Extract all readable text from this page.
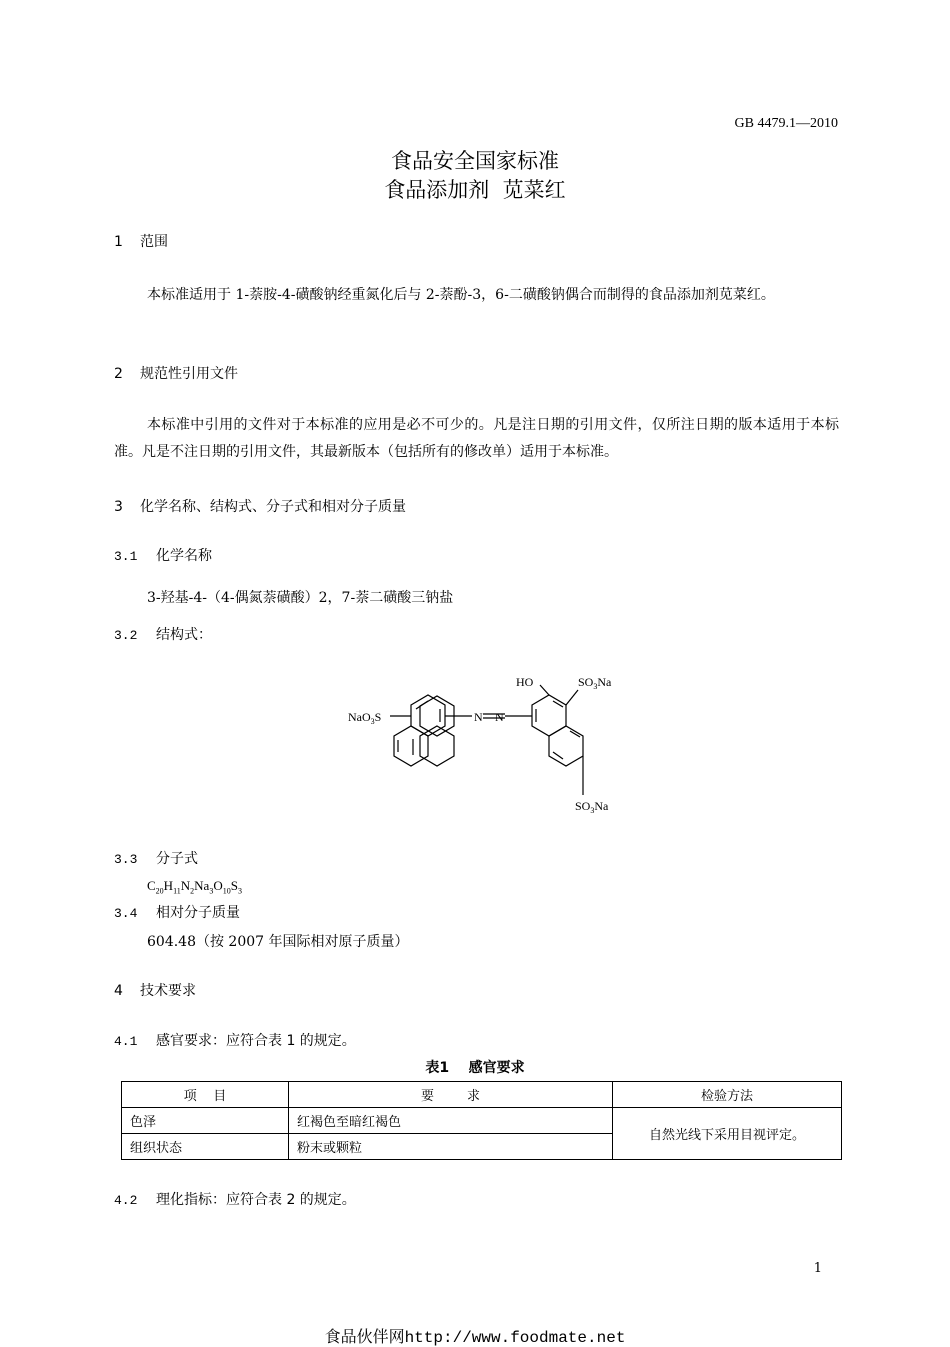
GB 4479.1—2010
食品安全国家标准
食品添加剂  苋菜红
1 范围
本标准适用于 1-萘胺-4-磺酸钠经重氮化后与 2-萘酚-3，6-二磺酸钠偶合而制得的食品添加剂苋菜红。
2 规范性引用文件
本标准中引用的文件对于本标准的应用是必不可少的。凡是注日期的引用文件，仅所注日期的版本适用于本标准。凡是不注日期的引用文件，其最新版本（包括所有的修改单）适用于本标准。
3 化学名称、结构式、分子式和相对分子质量
3.1 化学名称
3-羟基-4-（4-偶氮萘磺酸）2，7-萘二磺酸三钠盐
3.2 结构式：
HO	$SO_3Na$
NaO$_3$S	N N
$SO_3Na$
3.3 分子式
$C_{20}H_{11}N_2Na_3O_{10}S_3$
3.4 相对分子质量
604.48（按 2007 年国际相对原子质量）
4 技术要求
4.1 感官要求：应符合表 1 的规定。
表1    感官要求
项    目	要        求	检验方法
色泽	红褐色至暗红褐色	自然光线下采用目视评定。
组织状态	粉末或颗粒	
4.2 理化指标：应符合表 2 的规定。
1
食品伙伴网http://www.foodmate.net
